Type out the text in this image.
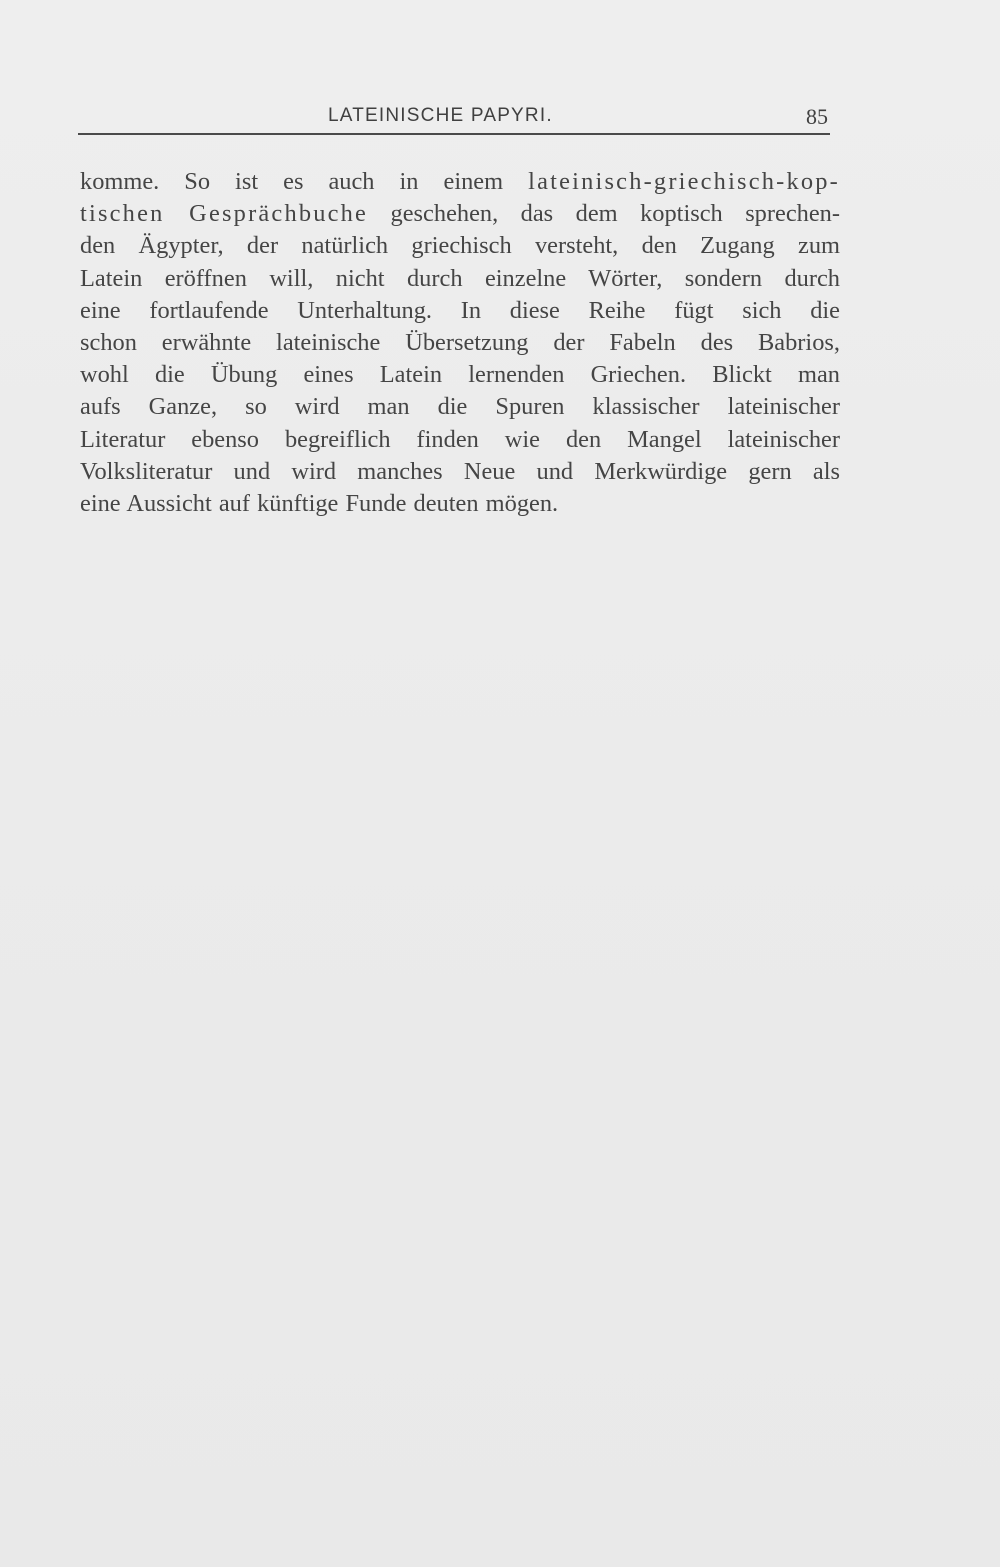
LATEINISCHE PAPYRI.	85
komme. So ist es auch in einem lateinisch-griechisch-kop-
tischen Gesprächbuche geschehen, das dem koptisch sprechen-
den Ägypter, der natürlich griechisch versteht, den Zugang zum
Latein eröffnen will, nicht durch einzelne Wörter, sondern durch
eine fortlaufende Unterhaltung. In diese Reihe fügt sich die
schon erwähnte lateinische Übersetzung der Fabeln des Babrios,
wohl die Übung eines Latein lernenden Griechen. Blickt man
aufs Ganze, so wird man die Spuren klassischer lateinischer
Literatur ebenso begreiflich finden wie den Mangel lateinischer
Volksliteratur und wird manches Neue und Merkwürdige gern als
eine Aussicht auf künftige Funde deuten mögen.
